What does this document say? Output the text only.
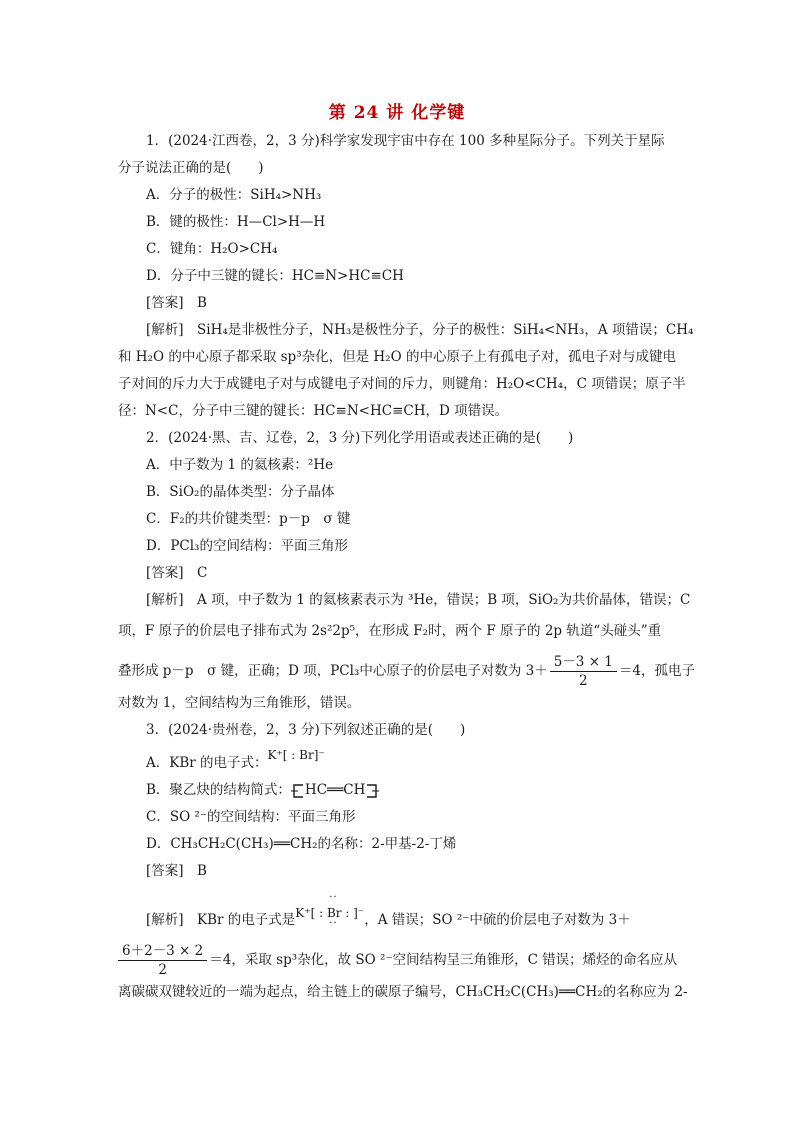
第 24 讲 化学键
1．(2024·江西卷，2，3 分)科学家发现宇宙中存在 100 多种星际分子。下列关于星际
分子说法正确的是(　　)
A．分子的极性：SiH₄>NH₃
B．键的极性：H—Cl>H—H
C．键角：H₂O>CH₄
D．分子中三键的键长：HC≡N>HC≡CH
[答案]　B
[解析]　SiH₄是非极性分子，NH₃是极性分子，分子的极性：SiH₄<NH₃，A 项错误；CH₄
和 H₂O 的中心原子都采取 sp³杂化，但是 H₂O 的中心原子上有孤电子对，孤电子对与成键电
子对间的斥力大于成键电子对与成键电子对间的斥力，则键角：H₂O<CH₄，C 项错误；原子半
径：N<C，分子中三键的键长：HC≡N<HC≡CH，D 项错误。
2．(2024·黑、吉、辽卷，2，3 分)下列化学用语或表述正确的是(　　)
A．中子数为 1 的氦核素：²He
B．SiO₂的晶体类型：分子晶体
C．F₂的共价键类型：p－p　σ 键
D．PCl₃的空间结构：平面三角形
[答案]　C
[解析]　A 项，中子数为 1 的氦核素表示为 ³He，错误；B 项，SiO₂为共价晶体，错误；C
项，F 原子的价层电子排布式为 2s²2p⁵，在形成 F₂时，两个 F 原子的 2p 轨道“头碰头”重
叠形成 p－p　σ 键，正确；D 项，PCl₃中心原子的价层电子对数为 $3+ \frac{5-3 \times 1}{2} =4$，孤电子
对数为 1，空间结构为三角锥形，错误。
3．(2024·贵州卷，2，3 分)下列叙述正确的是(　　)
A．KBr 的电子式：K⁺[ : Br]⁻
B．聚乙炔的结构简式： HC══CH
C．SO ²⁻的空间结构：平面三角形
D．CH₃CH₂C(CH₃)══CH₂的名称：2-甲基-2-丁烯
[答案]　B
[解析]　KBr 的电子式是
··
K⁺[ : Br : ]⁻
·· ，A 错误；SO ²⁻中硫的价层电子对数为 3＋
$\frac{6+2-3 \times 2}{2} =4$，采取 sp³杂化，故 SO ²⁻空间结构呈三角锥形，C 错误；烯烃的命名应从
离碳碳双键较近的一端为起点，给主链上的碳原子编号，CH₃CH₂C(CH₃)══CH₂的名称应为 2-
